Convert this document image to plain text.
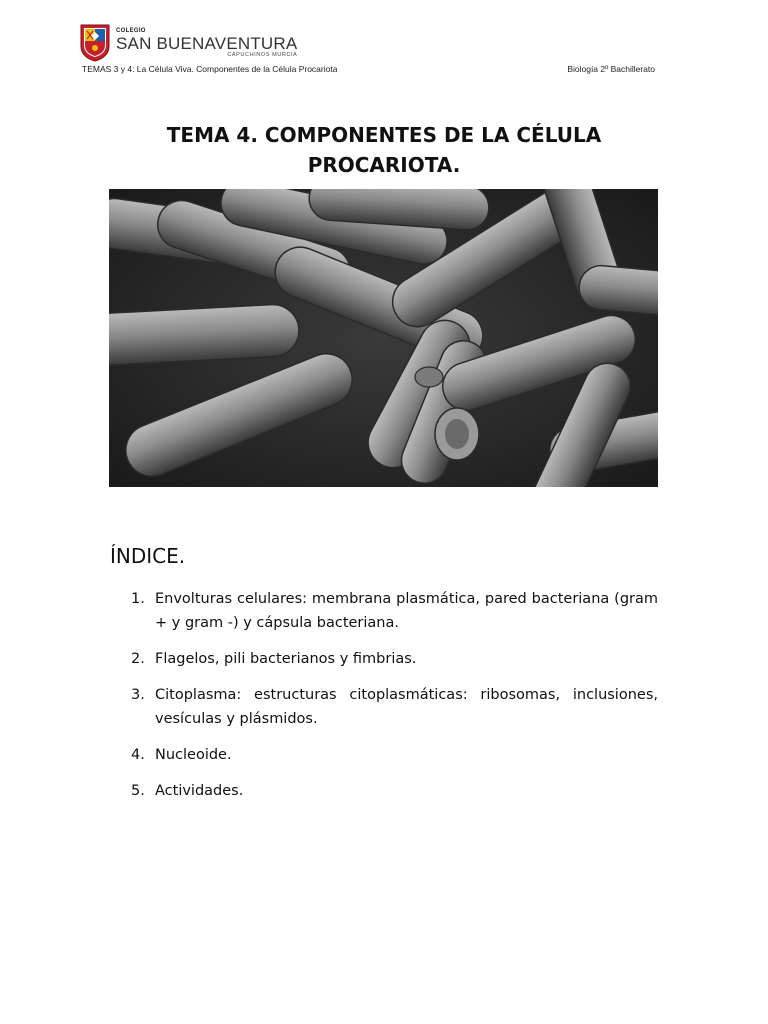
COLEGIO
SAN BUENAVENTURA
CAPUCHINOS MURCIA
TEMAS 3 y 4: La Célula Viva. Componentes de la Célula Procariota	Biología 2º Bachillerato
TEMA 4. COMPONENTES DE LA CÉLULA PROCARIOTA.
ÍNDICE.
1. Envolturas celulares: membrana plasmática, pared bacteriana (gram + y gram -) y cápsula bacteriana.
2. Flagelos, pili bacterianos y fimbrias.
3. Citoplasma: estructuras citoplasmáticas: ribosomas, inclusiones, vesículas y plásmidos.
4. Nucleoide.
5. Actividades.
